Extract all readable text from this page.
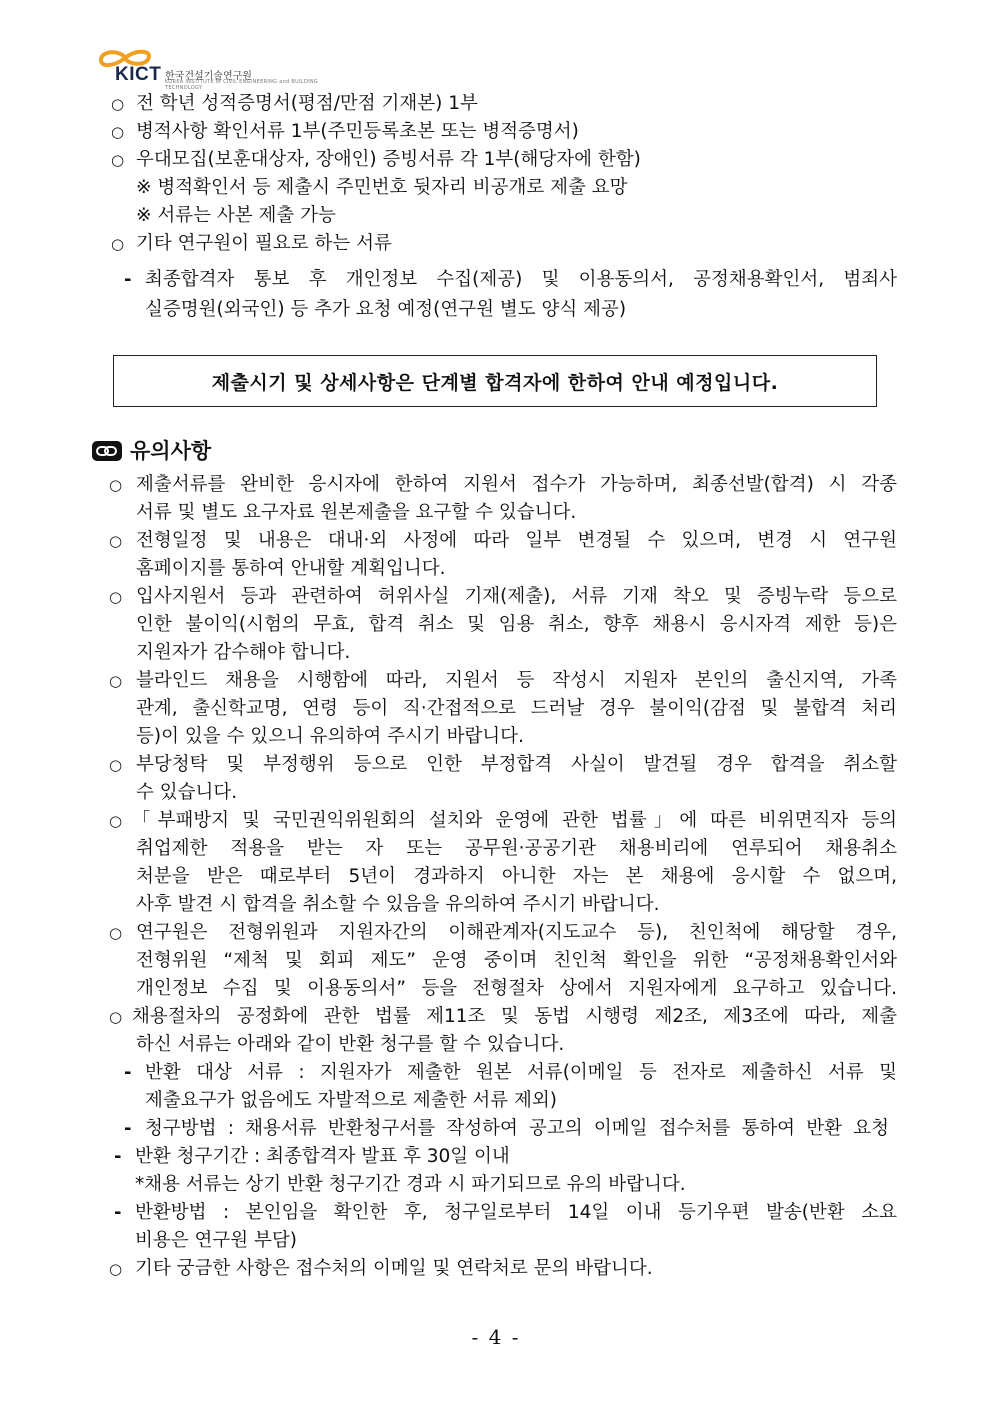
KICT 한국건설기술연구원
KOREA INSTITUTE of CIVIL ENGINEERING and BUILDING TECHNOLOGY
○ 전 학년 성적증명서(평점/만점 기재본) 1부
○ 병적사항 확인서류 1부(주민등록초본 또는 병적증명서)
○ 우대모집(보훈대상자, 장애인) 증빙서류 각 1부(해당자에 한함)
※ 병적확인서 등 제출시 주민번호 뒷자리 비공개로 제출 요망
※ 서류는 사본 제출 가능
○ 기타 연구원이 필요로 하는 서류
- 최종합격자 통보 후 개인정보 수집(제공) 및 이용동의서, 공정채용확인서, 범죄사
실증명원(외국인) 등 추가 요청 예정(연구원 별도 양식 제공)
제출시기 및 상세사항은 단계별 합격자에 한하여 안내 예정입니다.
유의사항
○ 제출서류를 완비한 응시자에 한하여 지원서 접수가 가능하며, 최종선발(합격) 시 각종
서류 및 별도 요구자료 원본제출을 요구할 수 있습니다.
○ 전형일정 및 내용은 대내·외 사정에 따라 일부 변경될 수 있으며, 변경 시 연구원
홈페이지를 통하여 안내할 계획입니다.
○ 입사지원서 등과 관련하여 허위사실 기재(제출), 서류 기재 착오 및 증빙누락 등으로
인한 불이익(시험의 무효, 합격 취소 및 임용 취소, 향후 채용시 응시자격 제한 등)은
지원자가 감수해야 합니다.
○ 블라인드 채용을 시행함에 따라, 지원서 등 작성시 지원자 본인의 출신지역, 가족
관계, 출신학교명, 연령 등이 직·간접적으로 드러날 경우 불이익(감점 및 불합격 처리
등)이 있을 수 있으니 유의하여 주시기 바랍니다.
○ 부당청탁 및 부정행위 등으로 인한 부정합격 사실이 발견될 경우 합격을 취소할
수 있습니다.
○ 「부패방지 및 국민권익위원회의 설치와 운영에 관한 법률」에 따른 비위면직자 등의
취업제한 적용을 받는 자 또는 공무원·공공기관 채용비리에 연루되어 채용취소
처분을 받은 때로부터 5년이 경과하지 아니한 자는 본 채용에 응시할 수 없으며,
사후 발견 시 합격을 취소할 수 있음을 유의하여 주시기 바랍니다.
○ 연구원은 전형위원과 지원자간의 이해관계자(지도교수 등), 친인척에 해당할 경우,
전형위원 “제척 및 회피 제도” 운영 중이며 친인척 확인을 위한 “공정채용확인서와
개인정보 수집 및 이용동의서” 등을 전형절차 상에서 지원자에게 요구하고 있습니다.
○ 채용절차의 공정화에 관한 법률 제11조 및 동법 시행령 제2조, 제3조에 따라, 제출
하신 서류는 아래와 같이 반환 청구를 할 수 있습니다.
- 반환 대상 서류 : 지원자가 제출한 원본 서류(이메일 등 전자로 제출하신 서류 및
제출요구가 없음에도 자발적으로 제출한 서류 제외)
- 청구방법 : 채용서류 반환청구서를 작성하여 공고의 이메일 접수처를 통하여 반환 요청
- 반환 청구기간 : 최종합격자 발표 후 30일 이내
*채용 서류는 상기 반환 청구기간 경과 시 파기되므로 유의 바랍니다.
- 반환방법 : 본인임을 확인한 후, 청구일로부터 14일 이내 등기우편 발송(반환 소요
비용은 연구원 부담)
○ 기타 궁금한 사항은 접수처의 이메일 및 연락처로 문의 바랍니다.
- 4 -
